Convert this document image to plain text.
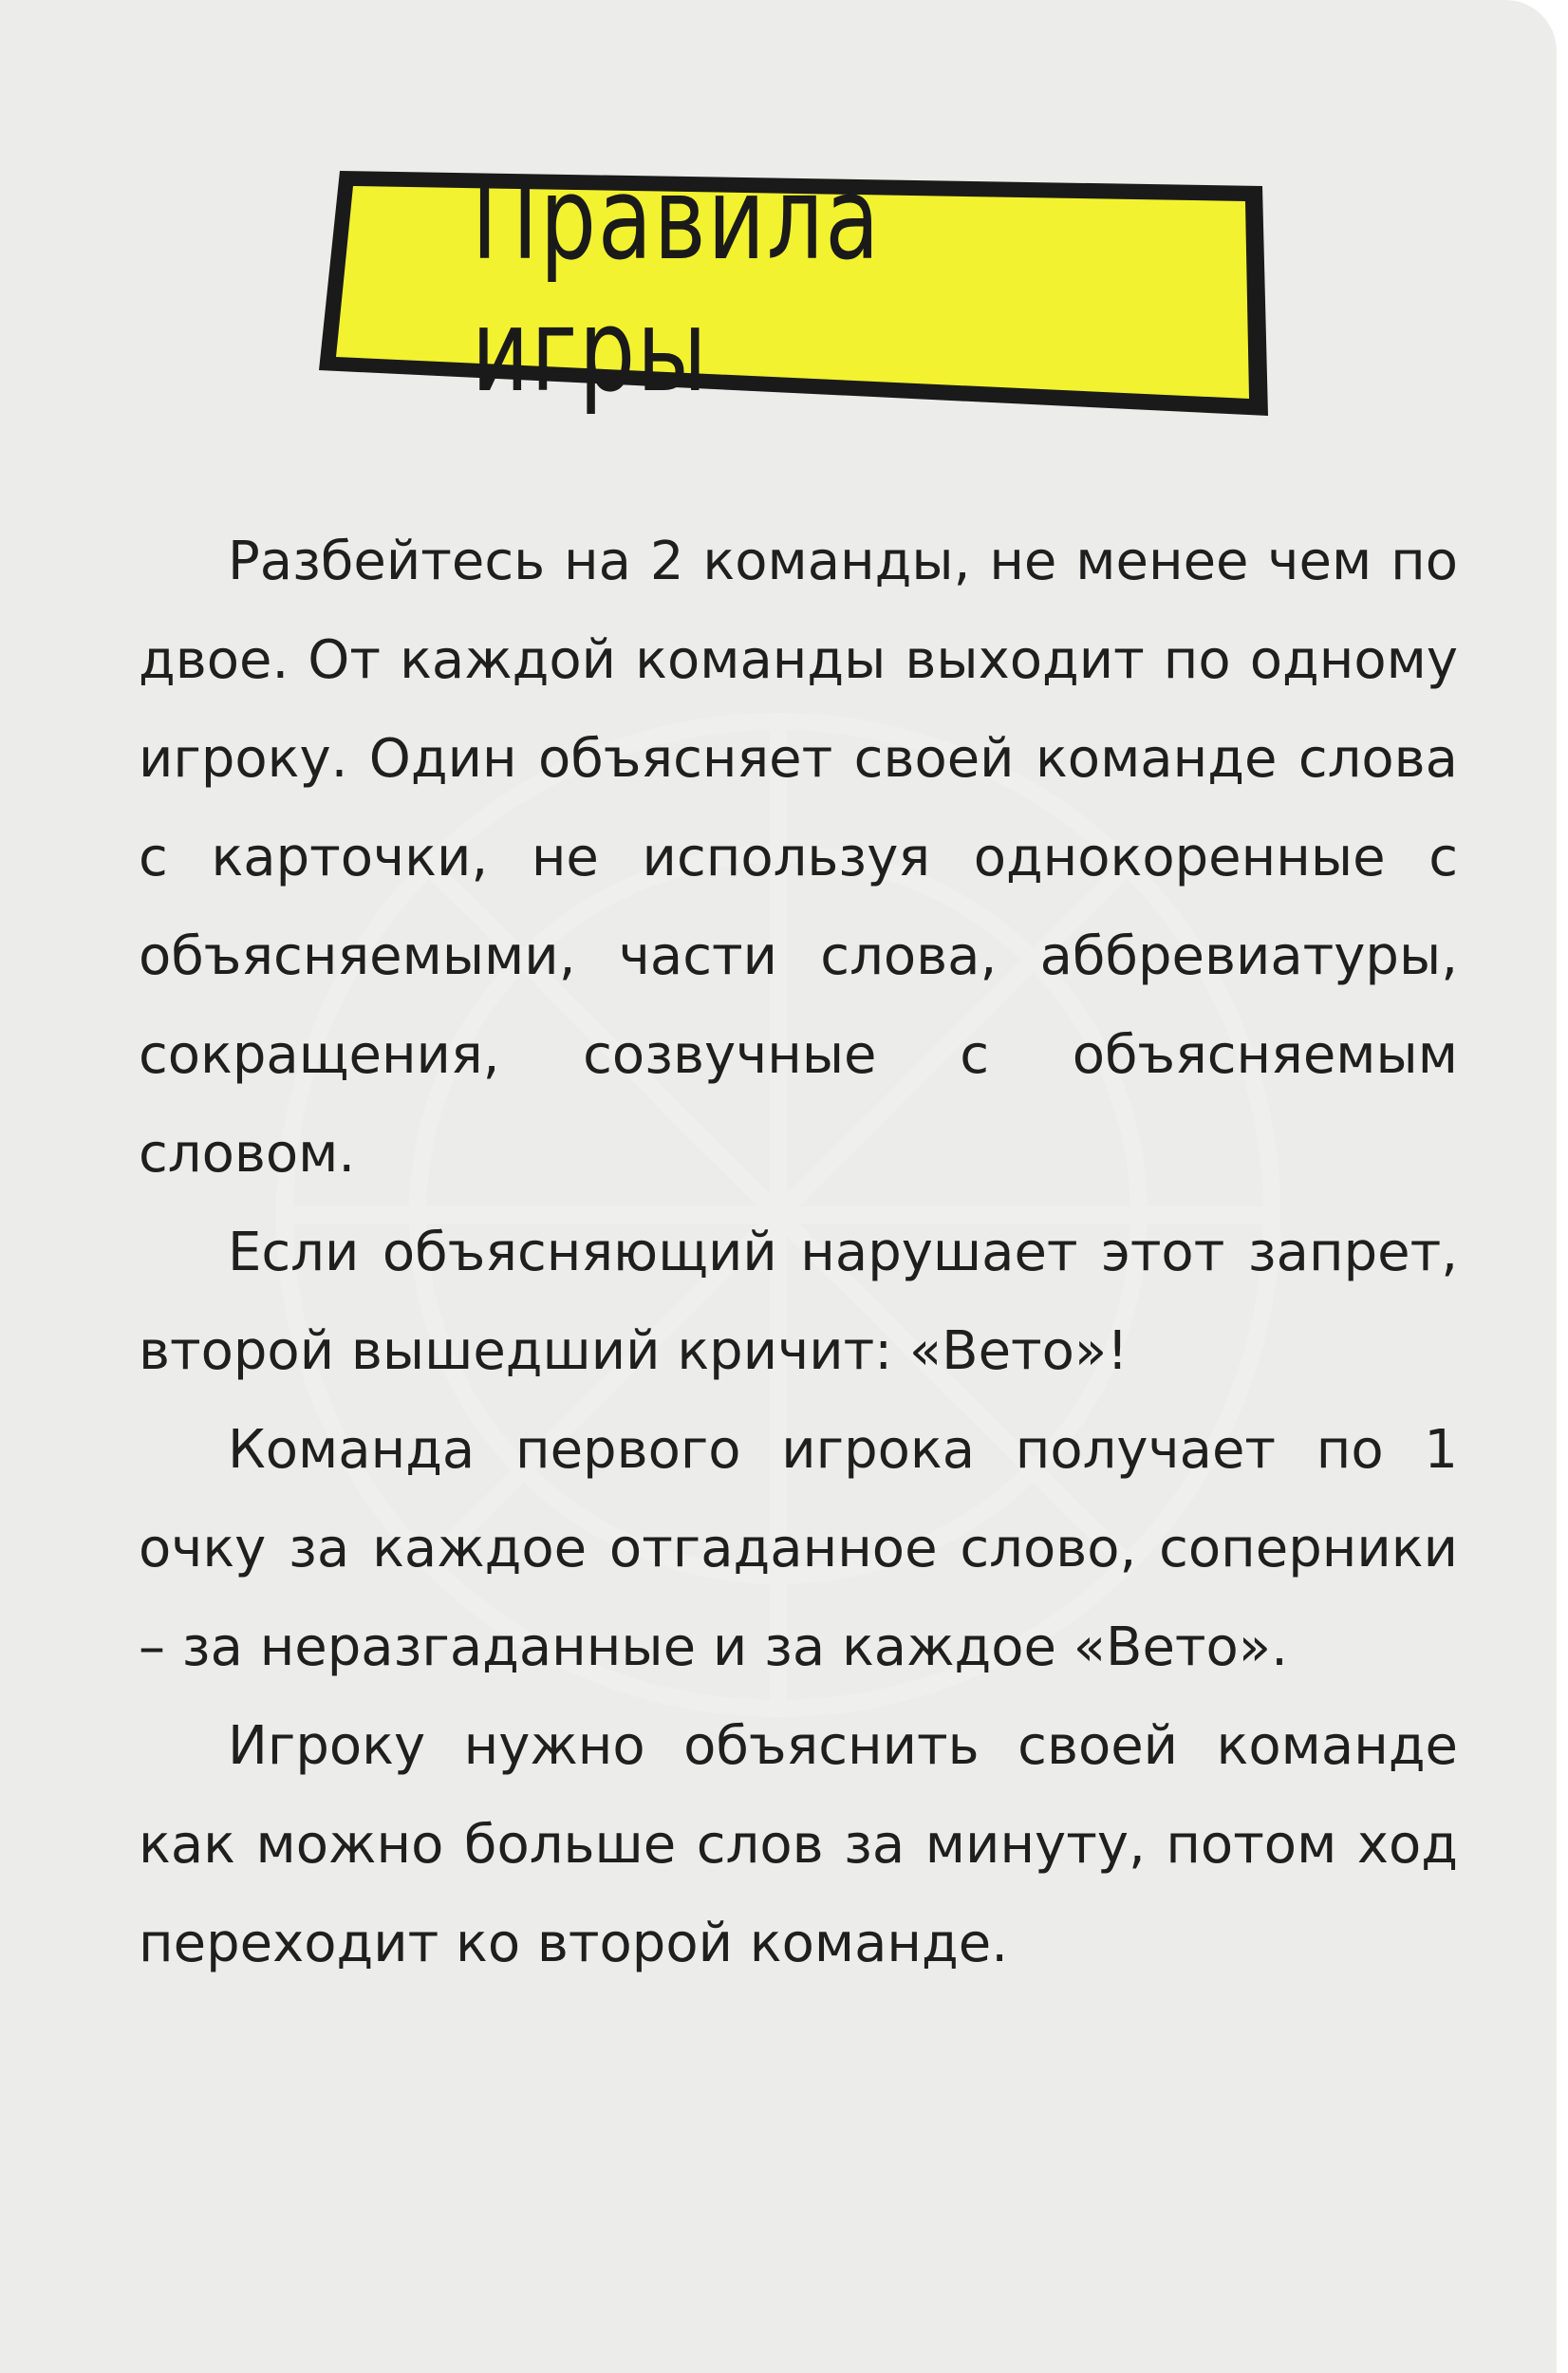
Правила игры

Разбейтесь на 2 команды, не менее чем по двое. От каждой команды выходит по одному игроку. Один объясняет своей команде слова с карточки, не используя однокоренные с объясняемыми, части слова, аббревиатуры, сокращения, созвучные с объясняемым словом.

Если объясняющий нарушает этот запрет, второй вышедший кричит: «Вето»!

Команда первого игрока получает по 1 очку за каждое отгаданное слово, соперники – за неразгаданные и за каждое «Вето».

Игроку нужно объяснить своей команде как можно больше слов за минуту, потом ход переходит ко второй команде.
